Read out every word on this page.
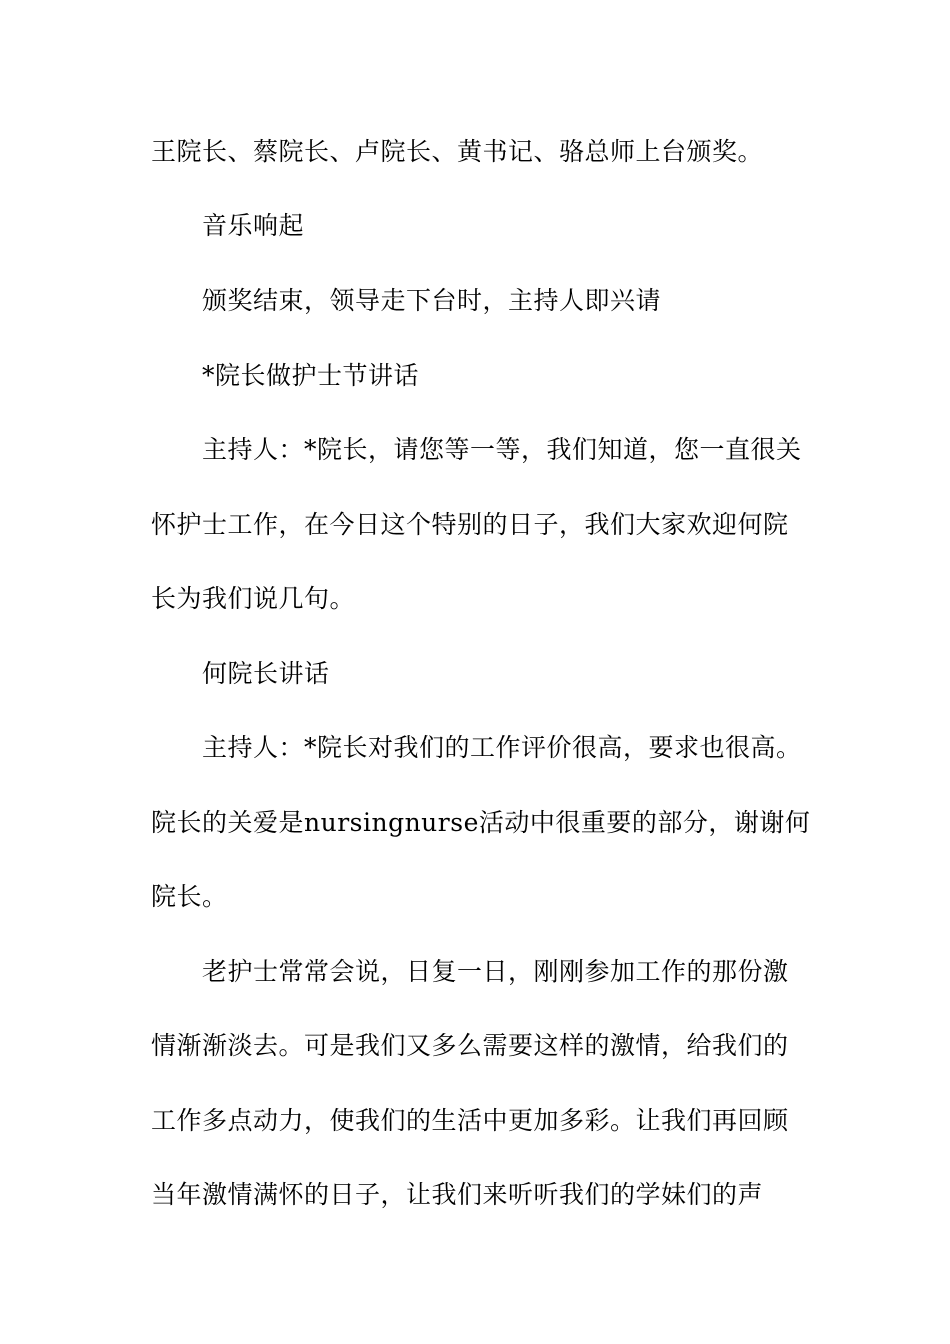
王院长、蔡院长、卢院长、黄书记、骆总师上台颁奖。
音乐响起
颁奖结束，领导走下台时，主持人即兴请
*院长做护士节讲话
主持人：*院长，请您等一等，我们知道，您一直很关
怀护士工作，在今日这个特别的日子，我们大家欢迎何院
长为我们说几句。
何院长讲话
主持人：*院长对我们的工作评价很高，要求也很高。
院长的关爱是nursingnurse活动中很重要的部分，谢谢何
院长。
老护士常常会说，日复一日，刚刚参加工作的那份激
情渐渐淡去。可是我们又多么需要这样的激情，给我们的
工作多点动力，使我们的生活中更加多彩。让我们再回顾
当年激情满怀的日子，让我们来听听我们的学妹们的声
